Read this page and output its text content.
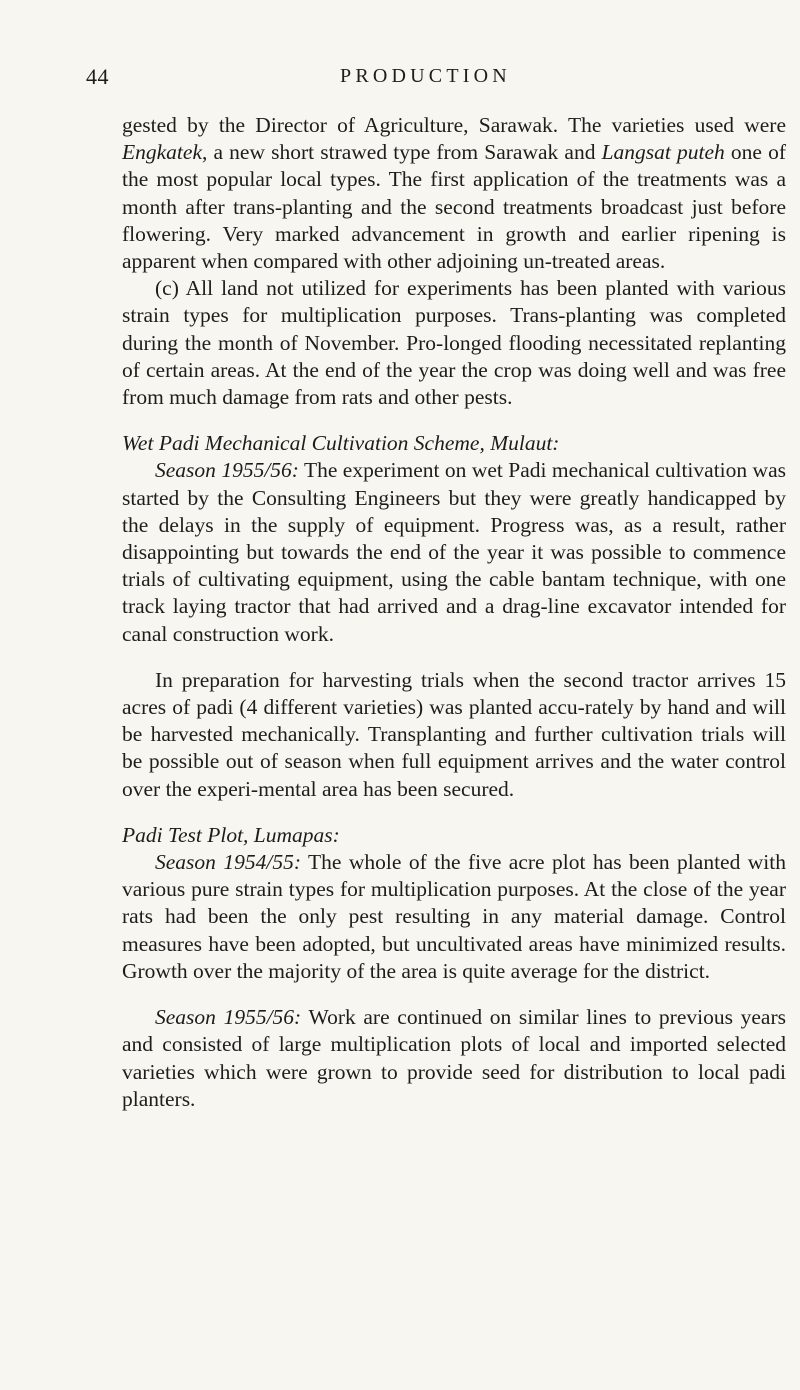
44	PRODUCTION

gested by the Director of Agriculture, Sarawak. The varieties used were Engkatek, a new short strawed type from Sarawak and Langsat puteh one of the most popular local types. The first application of the treatments was a month after trans-planting and the second treatments broadcast just before flowering. Very marked advancement in growth and earlier ripening is apparent when compared with other adjoining un-treated areas.

(c) All land not utilized for experiments has been planted with various strain types for multiplication purposes. Trans-planting was completed during the month of November. Pro-longed flooding necessitated replanting of certain areas. At the end of the year the crop was doing well and was free from much damage from rats and other pests.

Wet Padi Mechanical Cultivation Scheme, Mulaut:

Season 1955/56: The experiment on wet Padi mechanical cultivation was started by the Consulting Engineers but they were greatly handicapped by the delays in the supply of equipment. Progress was, as a result, rather disappointing but towards the end of the year it was possible to commence trials of cultivating equipment, using the cable bantam technique, with one track laying tractor that had arrived and a drag-line excavator intended for canal construction work.

In preparation for harvesting trials when the second tractor arrives 15 acres of padi (4 different varieties) was planted accu-rately by hand and will be harvested mechanically. Transplanting and further cultivation trials will be possible out of season when full equipment arrives and the water control over the experi-mental area has been secured.

Padi Test Plot, Lumapas:

Season 1954/55: The whole of the five acre plot has been planted with various pure strain types for multiplication purposes. At the close of the year rats had been the only pest resulting in any material damage. Control measures have been adopted, but uncultivated areas have minimized results. Growth over the majority of the area is quite average for the district.

Season 1955/56: Work are continued on similar lines to previous years and consisted of large multiplication plots of local and imported selected varieties which were grown to provide seed for distribution to local padi planters.
